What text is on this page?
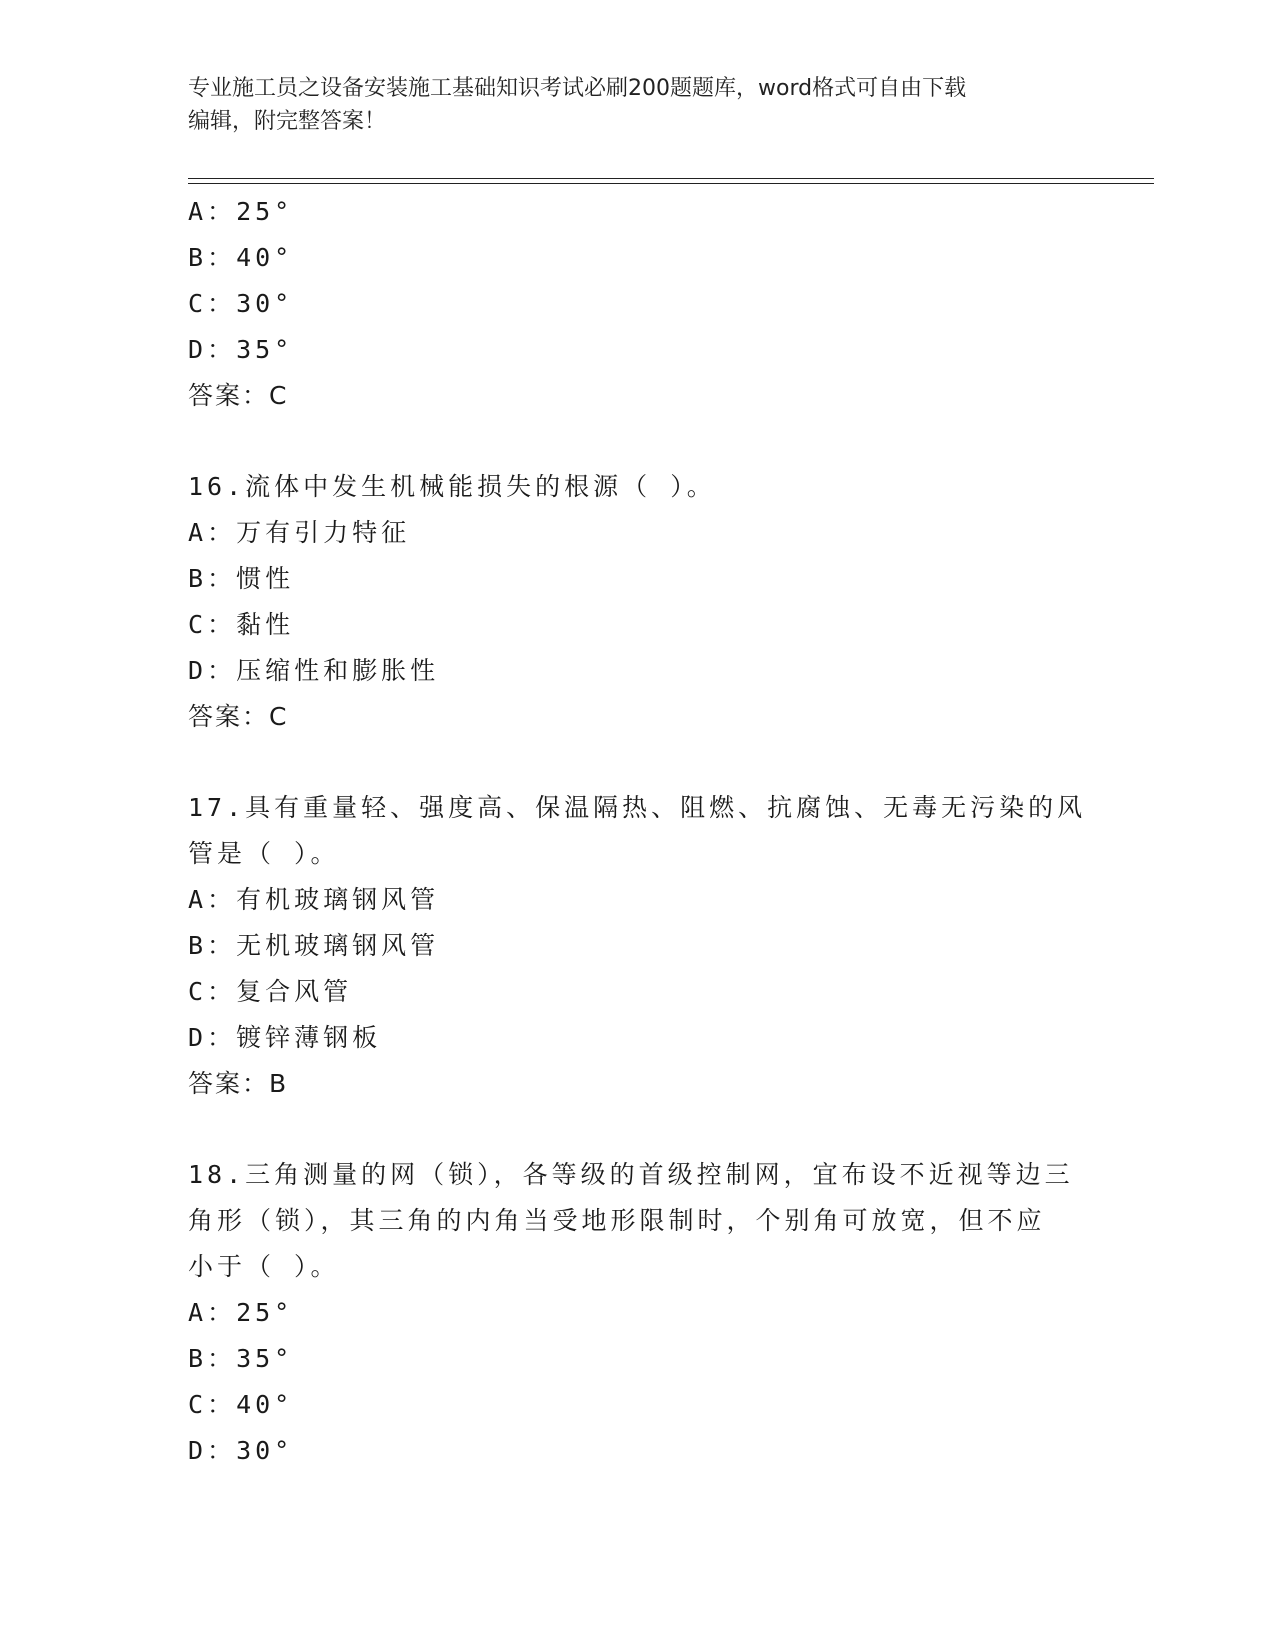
专业施工员之设备安装施工基础知识考试必刷200题题库，word格式可自由下载
编辑，附完整答案！
A：25°
B：40°
C：30°
D：35°
答案：C
16.流体中发生机械能损失的根源（ ）。
A：万有引力特征
B：惯性
C：黏性
D：压缩性和膨胀性
答案：C
17.具有重量轻、强度高、保温隔热、阻燃、抗腐蚀、无毒无污染的风
管是（ ）。
A：有机玻璃钢风管
B：无机玻璃钢风管
C：复合风管
D：镀锌薄钢板
答案：B
18.三角测量的网（锁），各等级的首级控制网，宜布设不近视等边三
角形（锁），其三角的内角当受地形限制时，个别角可放宽，但不应
小于（ ）。
A：25°
B：35°
C：40°
D：30°
